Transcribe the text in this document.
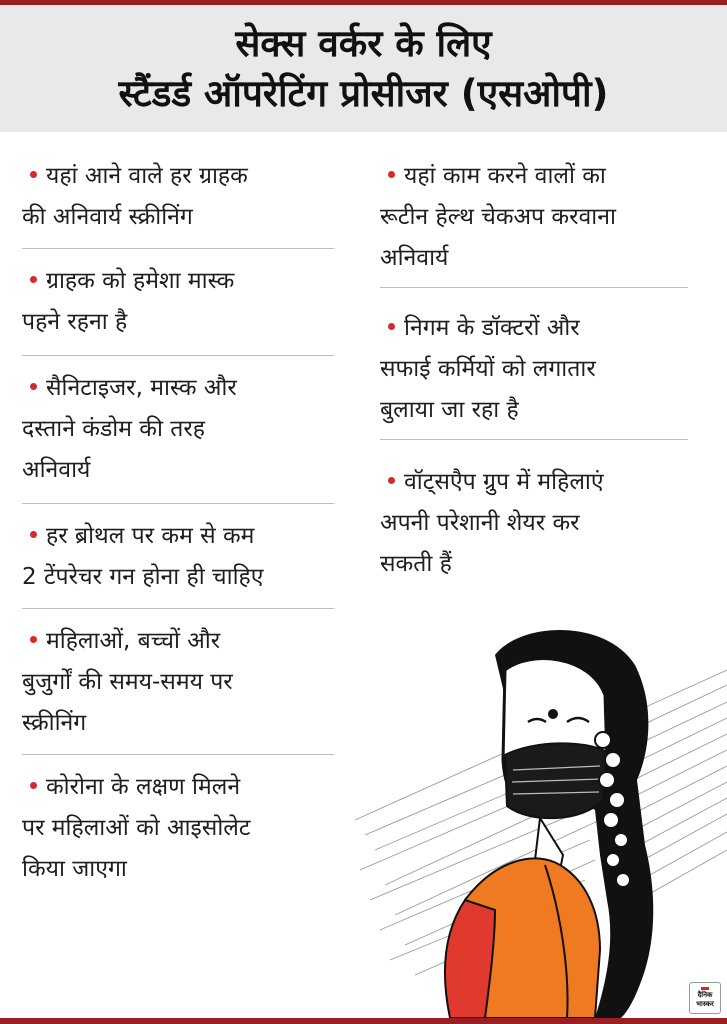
सेक्स वर्कर के लिए
स्टैंडर्ड ऑपरेटिंग प्रोसीजर (एसओपी)
यहां आने वाले हर ग्राहक
की अनिवार्य स्क्रीनिंग
ग्राहक को हमेशा मास्क
पहने रहना है
सैनिटाइजर, मास्क और
दस्ताने कंडोम की तरह
अनिवार्य
हर ब्रोथल पर कम से कम
2 टेंपरेचर गन होना ही चाहिए
महिलाओं, बच्चों और
बुजुर्गों की समय-समय पर
स्क्रीनिंग
कोरोना के लक्षण मिलने
पर महिलाओं को आइसोलेट
किया जाएगा
यहां काम करने वालों का
रूटीन हेल्थ चेकअप करवाना
अनिवार्य
निगम के डॉक्टरों और
सफाई कर्मियों को लगातार
बुलाया जा रहा है
वॉट्सएैप ग्रुप में महिलाएं
अपनी परेशानी शेयर कर
सकती हैं
दैनिक
भास्कर
